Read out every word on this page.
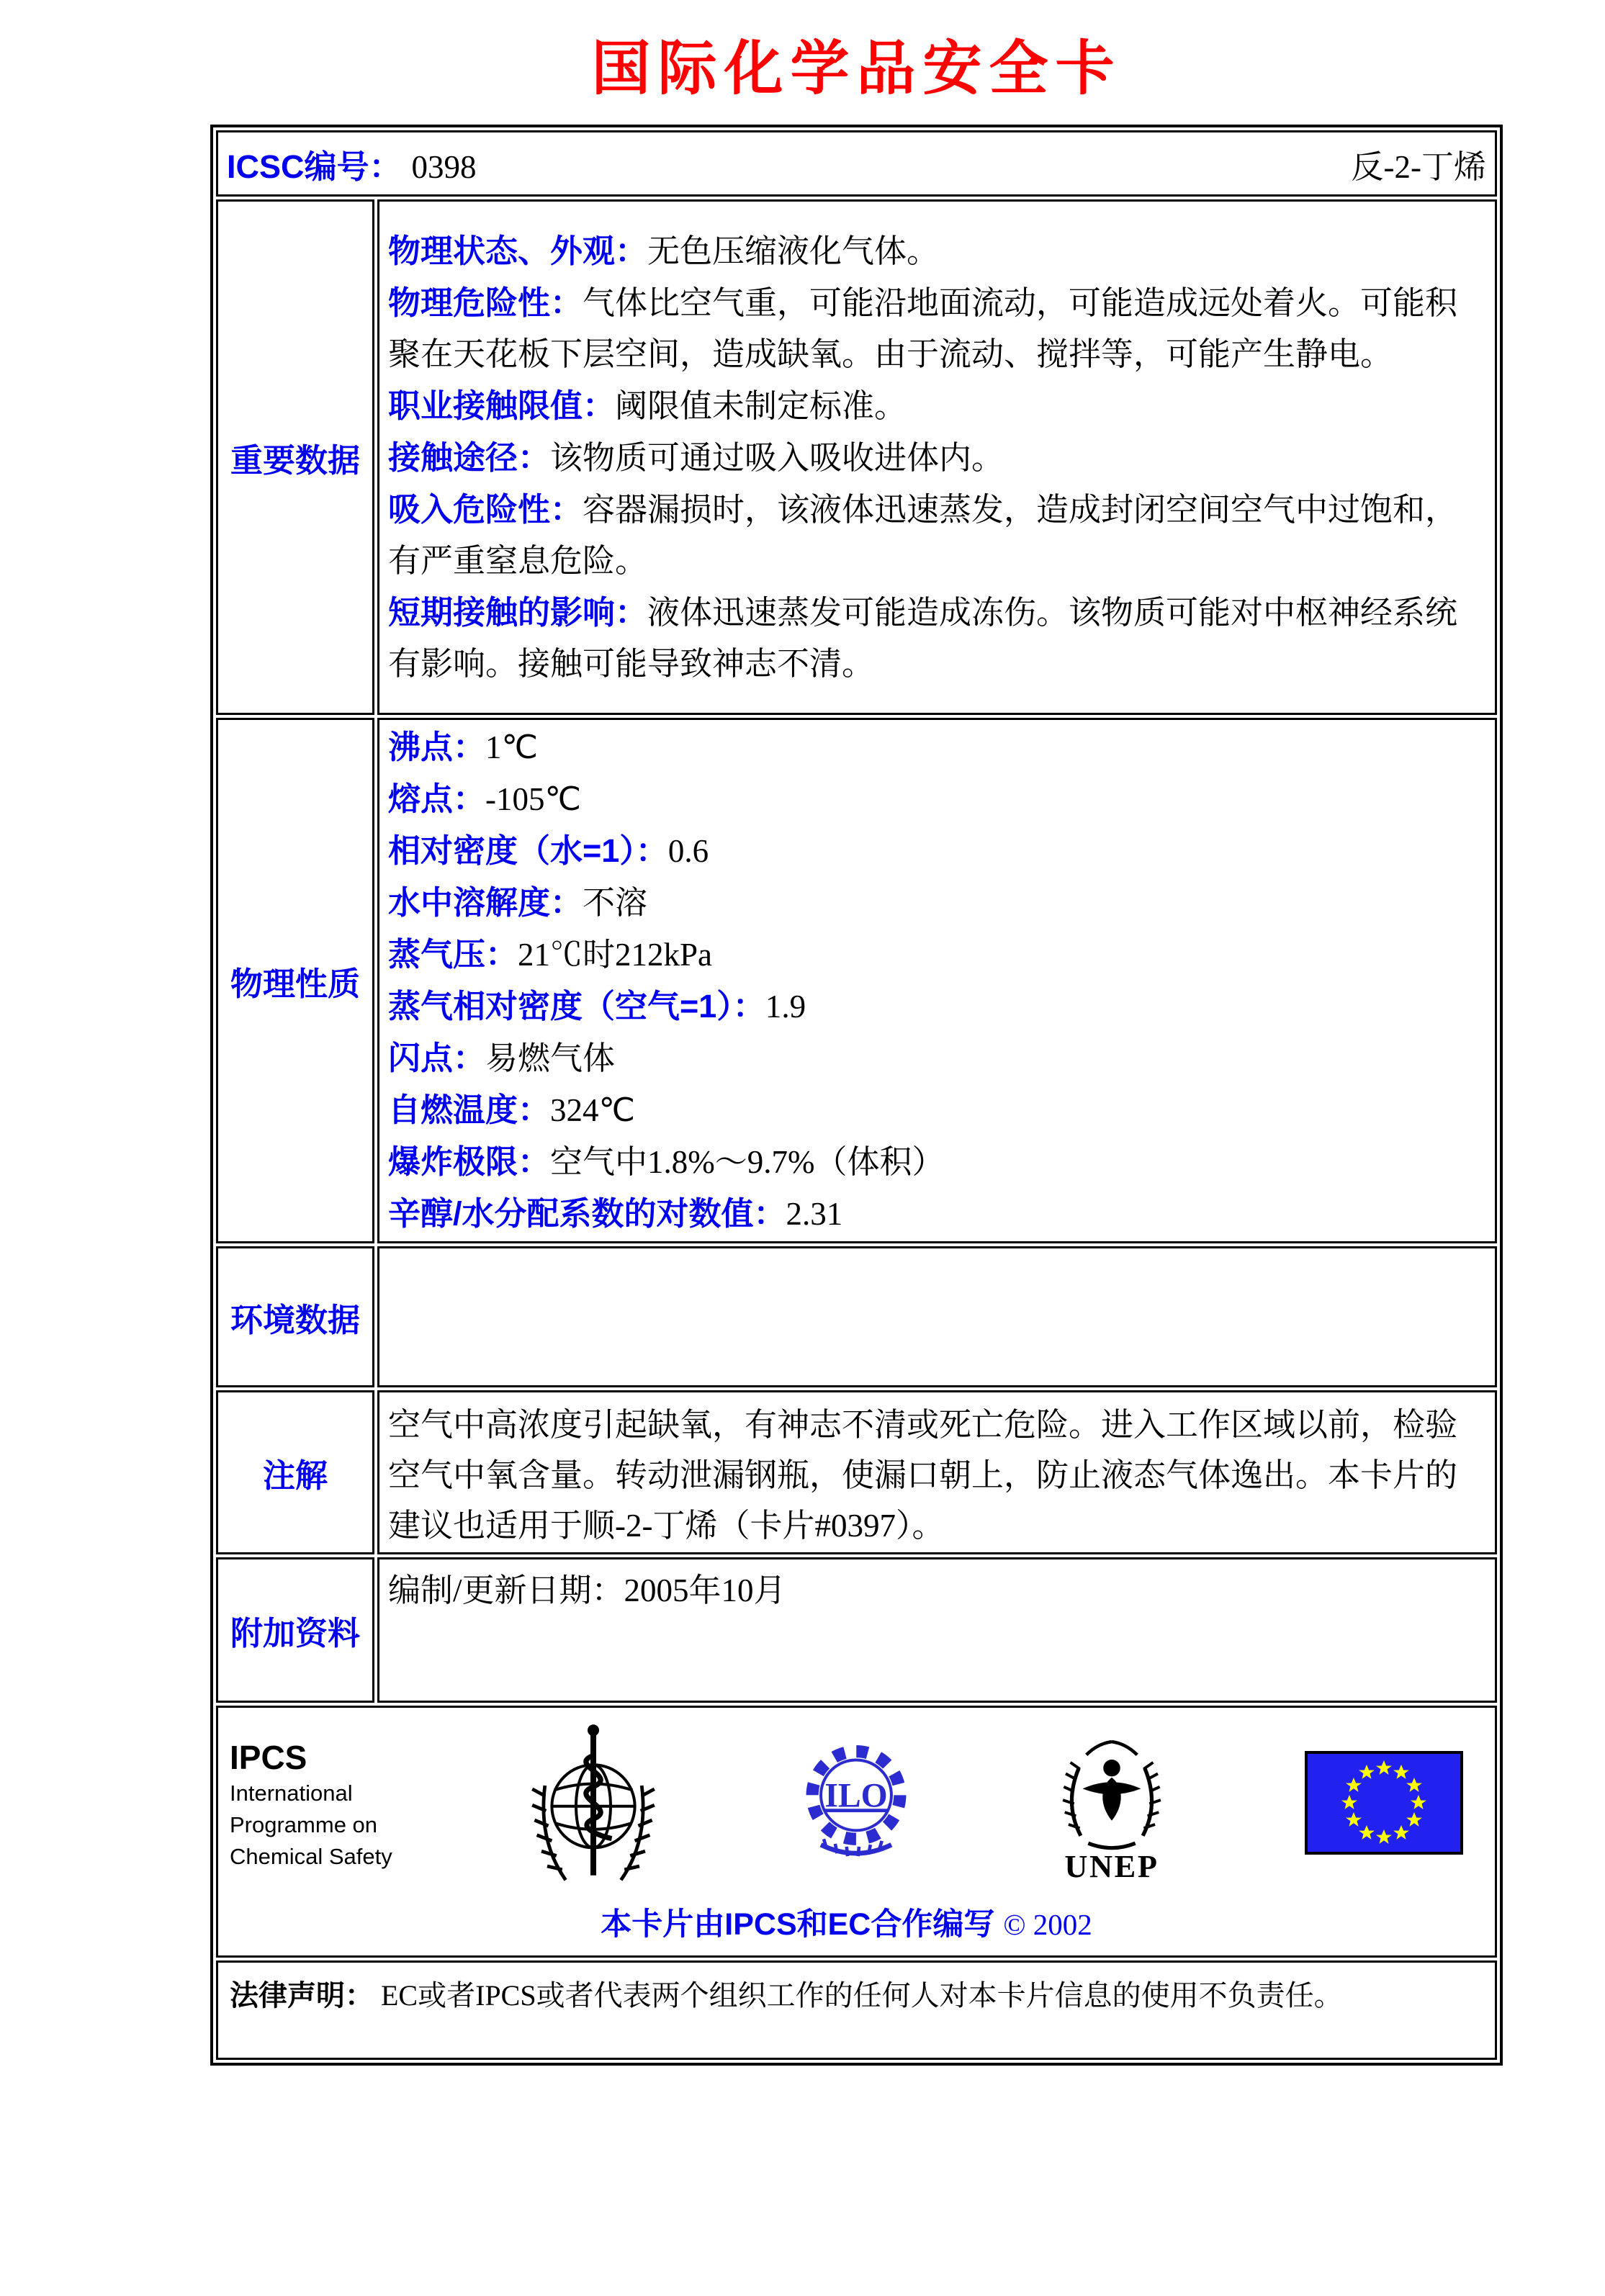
国际化学品安全卡
ICSC编号： 0398 反-2-丁烯	

重要数据	

物理状态、外观：无色压缩液化气体。

物理危险性：气体比空气重，可能沿地面流动，可能造成远处着火。可能积聚在天花板下层空间，造成缺氧。由于流动、搅拌等，可能产生静电。

职业接触限值：阈限值未制定标准。

接触途径：该物质可通过吸入吸收进体内。

吸入危险性：容器漏损时，该液体迅速蒸发，造成封闭空间空气中过饱和，有严重窒息危险。

短期接触的影响：液体迅速蒸发可能造成冻伤。该物质可能对中枢神经系统有影响。接触可能导致神志不清。

物理性质	

沸点：1℃

熔点：-105℃

相对密度（水=1）：0.6

水中溶解度：不溶

蒸气压：21℃时212kPa

蒸气相对密度（空气=1）：1.9

闪点：易燃气体

自燃温度：324℃

爆炸极限：空气中1.8%～9.7%（体积）

辛醇/水分配系数的对数值：2.31

环境数据	
注解	空气中高浓度引起缺氧，有神志不清或死亡危险。进入工作区域以前，检验空气中氧含量。转动泄漏钢瓶，使漏口朝上，防止液态气体逸出。本卡片的建议也适用于顺-2-丁烯（卡片#0397）。

附加资料	编制/更新日期：2005年10月

IPCS
International
Programme on
Chemical Safety
ILO
UNEP
本卡片由IPCS和EC合作编写 © 2002

法律声明： EC或者IPCS或者代表两个组织工作的任何人对本卡片信息的使用不负责任。	
